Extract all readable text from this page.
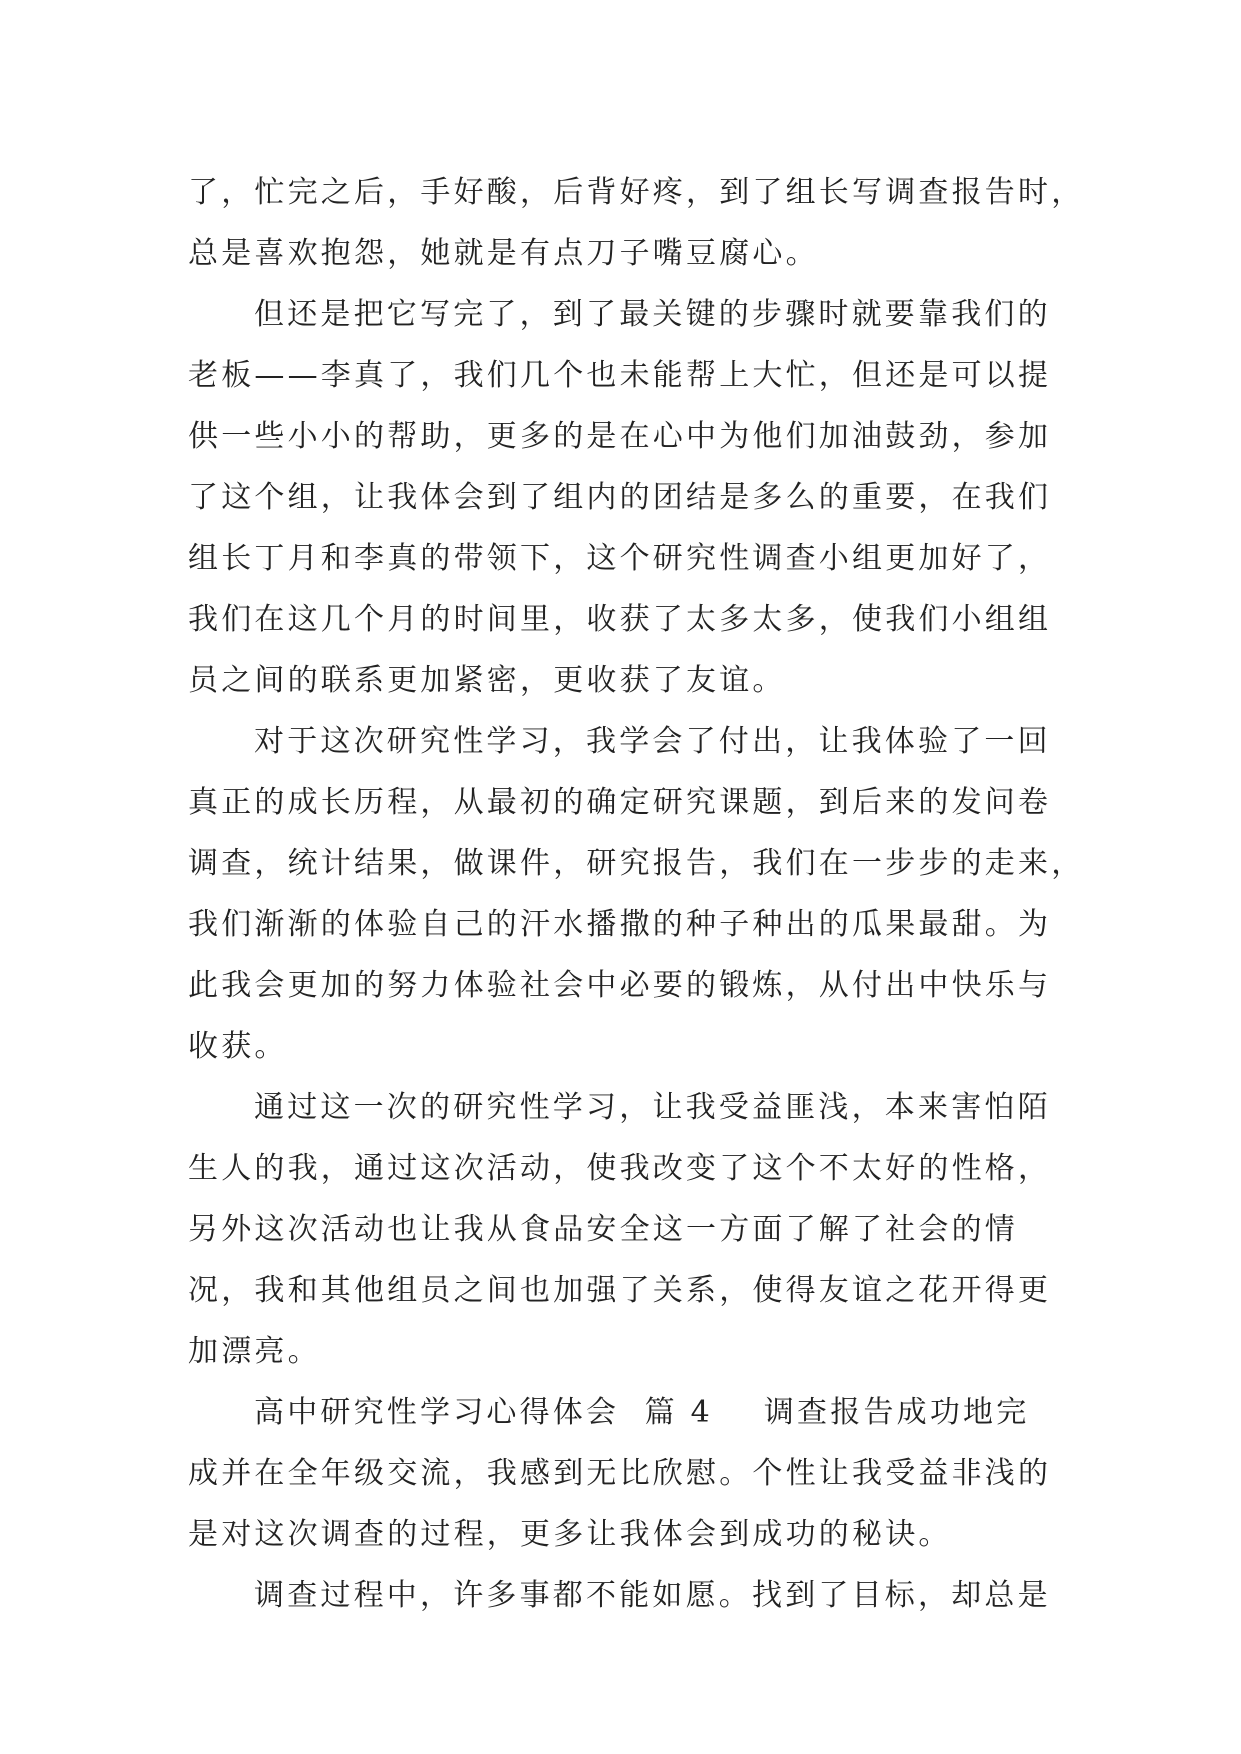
了，忙完之后，手好酸，后背好疼，到了组长写调查报告时，
总是喜欢抱怨，她就是有点刀子嘴豆腐心。
但还是把它写完了，到了最关键的步骤时就要靠我们的
老板——李真了，我们几个也未能帮上大忙，但还是可以提
供一些小小的帮助，更多的是在心中为他们加油鼓劲，参加
了这个组，让我体会到了组内的团结是多么的重要，在我们
组长丁月和李真的带领下，这个研究性调查小组更加好了，
我们在这几个月的时间里，收获了太多太多，使我们小组组
员之间的联系更加紧密，更收获了友谊。
对于这次研究性学习，我学会了付出，让我体验了一回
真正的成长历程，从最初的确定研究课题，到后来的发问卷
调查，统计结果，做课件，研究报告，我们在一步步的走来，
我们渐渐的体验自己的汗水播撒的种子种出的瓜果最甜。为
此我会更加的努力体验社会中必要的锻炼，从付出中快乐与
收获。
通过这一次的研究性学习，让我受益匪浅，本来害怕陌
生人的我，通过这次活动，使我改变了这个不太好的性格，
另外这次活动也让我从食品安全这一方面了解了社会的情
况，我和其他组员之间也加强了关系，使得友谊之花开得更
加漂亮。
高中研究性学习心得体会  篇 4    调查报告成功地完
成并在全年级交流，我感到无比欣慰。个性让我受益非浅的
是对这次调查的过程，更多让我体会到成功的秘诀。
调查过程中，许多事都不能如愿。找到了目标，却总是
